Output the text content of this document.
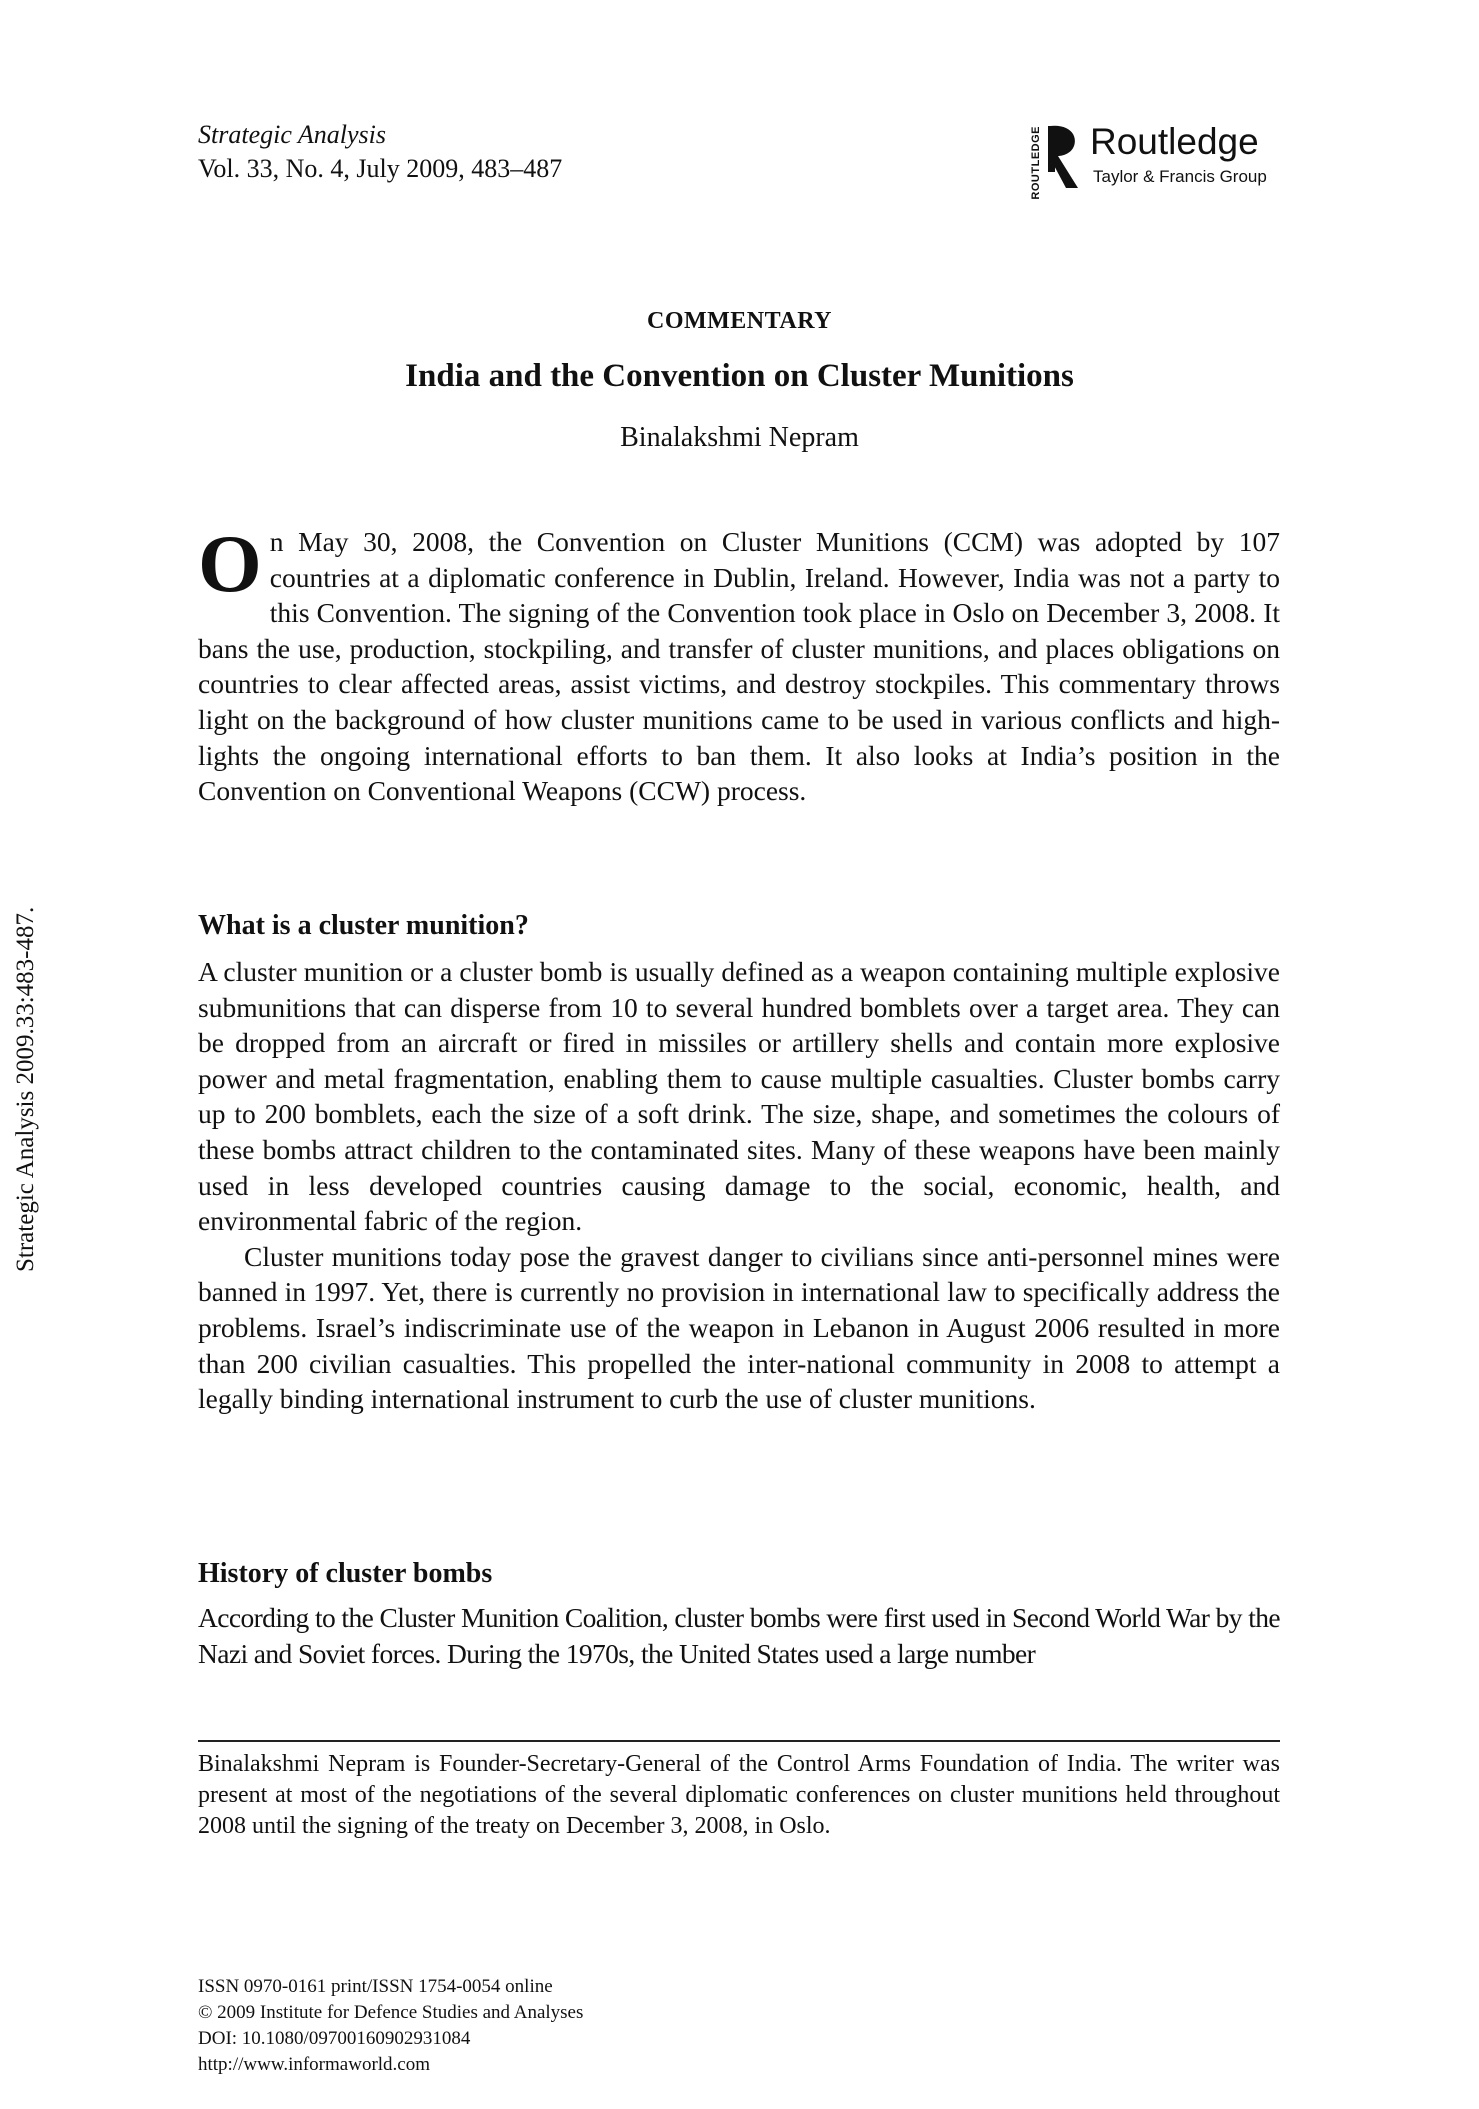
Strategic Analysis
Vol. 33, No. 4, July 2009, 483–487	ROUTLEDGE Routledge
Taylor & Francis Group
Strategic Analysis 2009.33:483-487.
COMMENTARY
India and the Convention on Cluster Munitions
Binalakshmi Nepram

On May 30, 2008, the Convention on Cluster Munitions (CCM) was adopted by 107 countries at a diplomatic conference in Dublin, Ireland. However, India was not a party to this Convention. The signing of the Convention took place in Oslo on December 3, 2008. It bans the use, production, stockpiling, and transfer of cluster munitions, and places obligations on countries to clear affected areas, assist victims, and destroy stockpiles. This commentary throws light on the background of how cluster munitions came to be used in various conflicts and high-lights the ongoing international efforts to ban them. It also looks at India’s position in the Convention on Conventional Weapons (CCW) process.

What is a cluster munition?

A cluster munition or a cluster bomb is usually defined as a weapon containing multiple explosive submunitions that can disperse from 10 to several hundred bomblets over a target area. They can be dropped from an aircraft or fired in missiles or artillery shells and contain more explosive power and metal fragmentation, enabling them to cause multiple casualties. Cluster bombs carry up to 200 bomblets, each the size of a soft drink. The size, shape, and sometimes the colours of these bombs attract children to the contaminated sites. Many of these weapons have been mainly used in less developed countries causing damage to the social, economic, health, and environmental fabric of the region.

Cluster munitions today pose the gravest danger to civilians since anti-personnel mines were banned in 1997. Yet, there is currently no provision in international law to specifically address the problems. Israel’s indiscriminate use of the weapon in Lebanon in August 2006 resulted in more than 200 civilian casualties. This propelled the inter-national community in 2008 to attempt a legally binding international instrument to curb the use of cluster munitions.

History of cluster bombs

According to the Cluster Munition Coalition, cluster bombs were first used in Second World War by the Nazi and Soviet forces. During the 1970s, the United States used a large number

Binalakshmi Nepram is Founder-Secretary-General of the Control Arms Foundation of India. The writer was present at most of the negotiations of the several diplomatic conferences on cluster munitions held throughout 2008 until the signing of the treaty on December 3, 2008, in Oslo.
ISSN 0970-0161 print/ISSN 1754-0054 online
© 2009 Institute for Defence Studies and Analyses
DOI: 10.1080/09700160902931084
http://www.informaworld.com
